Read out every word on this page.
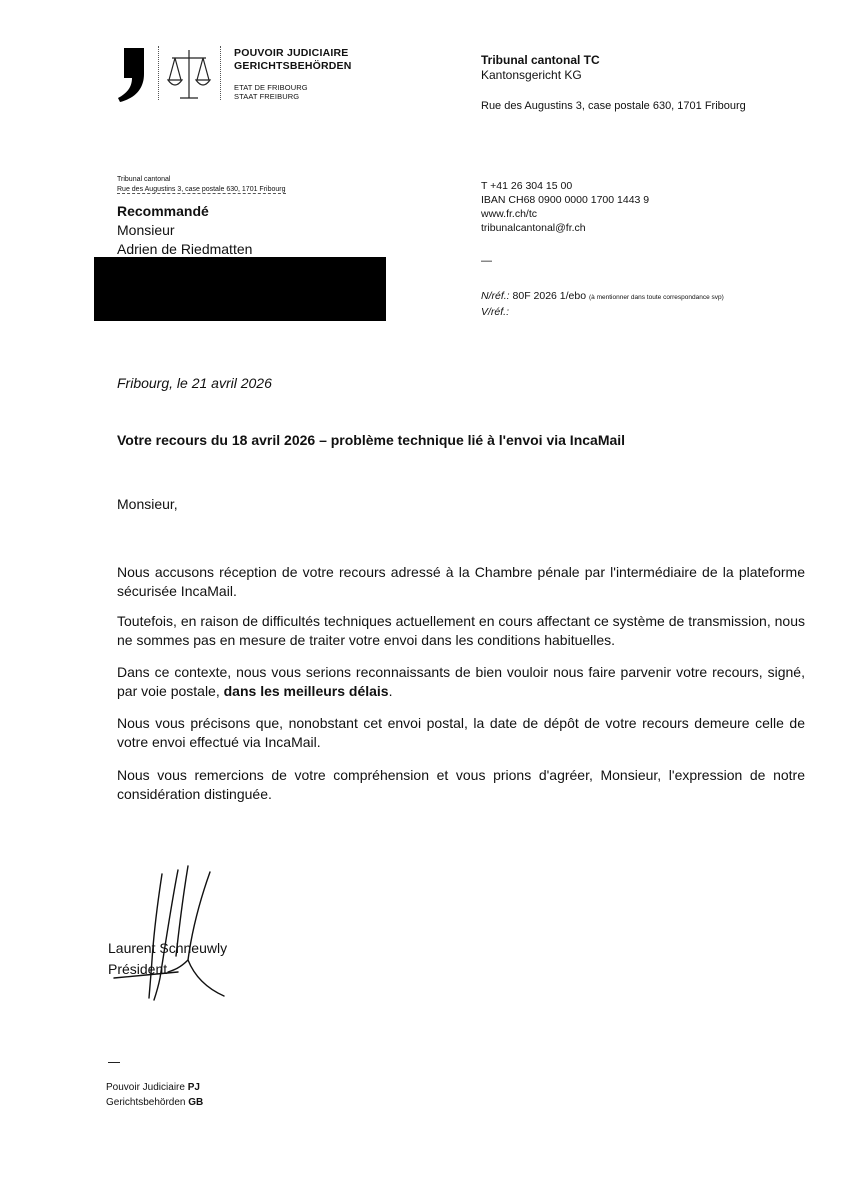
POUVOIR JUDICIAIRE
GERICHTSBEHÖRDEN
ETAT DE FRIBOURG
STAAT FREIBURG
Tribunal cantonal TC
Kantonsgericht KG
Rue des Augustins 3, case postale 630, 1701 Fribourg
Tribunal cantonal
Rue des Augustins 3, case postale 630, 1701 Fribourg
Recommandé
Monsieur
Adrien de Riedmatten
T +41 26 304 15 00
IBAN CH68 0900 0000 1700 1443 9
www.fr.ch/tc
tribunalcantonal@fr.ch
—
N/réf.: 80F 2026 1/ebo (à mentionner dans toute correspondance svp)
V/réf.:
Fribourg, le 21 avril 2026
Votre recours du 18 avril 2026 – problème technique lié à l'envoi via IncaMail
Monsieur,

Nous accusons réception de votre recours adressé à la Chambre pénale par l'intermédiaire de la plateforme sécurisée IncaMail.

Toutefois, en raison de difficultés techniques actuellement en cours affectant ce système de transmission, nous ne sommes pas en mesure de traiter votre envoi dans les conditions habituelles.

Dans ce contexte, nous vous serions reconnaissants de bien vouloir nous faire parvenir votre recours, signé, par voie postale, dans les meilleurs délais.

Nous vous précisons que, nonobstant cet envoi postal, la date de dépôt de votre recours demeure celle de votre envoi effectué via IncaMail.

Nous vous remercions de votre compréhension et vous prions d'agréer, Monsieur, l'expression de notre considération distinguée.

Laurent Schneuwly
Président
Pouvoir Judiciaire PJ
Gerichtsbehörden GB
